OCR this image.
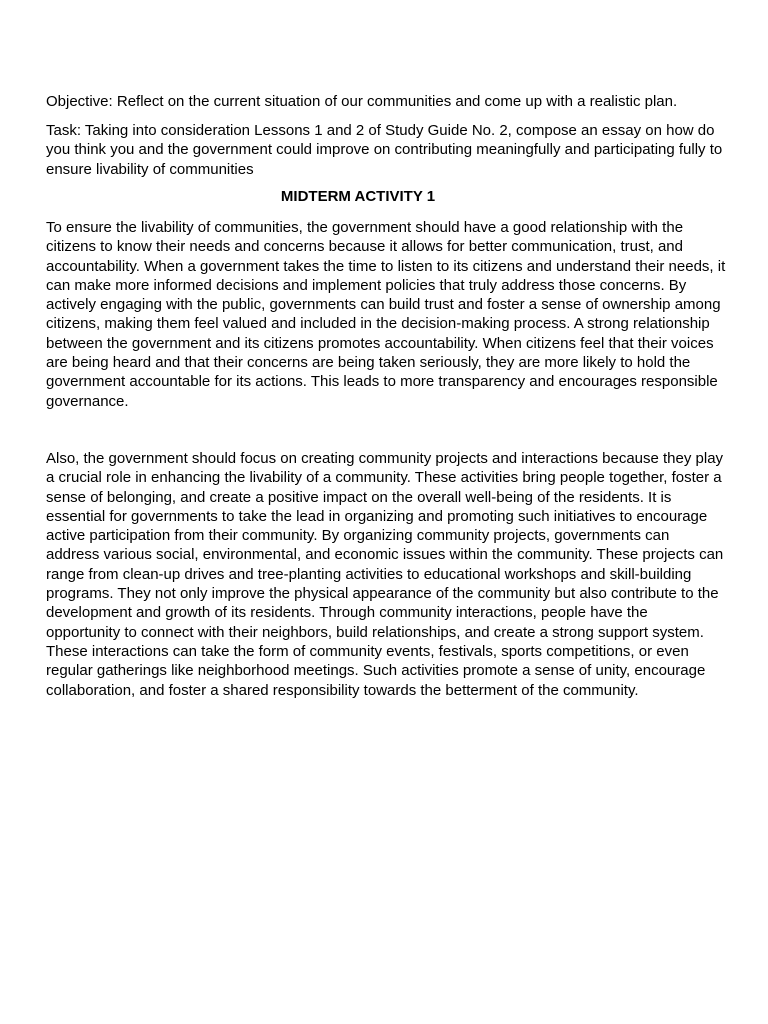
Objective: Reflect on the current situation of our communities and come up with a realistic plan.

Task: Taking into consideration Lessons 1 and 2 of Study Guide No. 2, compose an essay on how do you think you and the government could improve on contributing meaningfully and participating fully to ensure livability of communities

MIDTERM ACTIVITY 1

To ensure the livability of communities, the government should have a good relationship with the citizens to know their needs and concerns because it allows for better communication, trust, and accountability. When a government takes the time to listen to its citizens and understand their needs, it can make more informed decisions and implement policies that truly address those concerns. By actively engaging with the public, governments can build trust and foster a sense of ownership among citizens, making them feel valued and included in the decision-making process. A strong relationship between the government and its citizens promotes accountability. When citizens feel that their voices are being heard and that their concerns are being taken seriously, they are more likely to hold the government accountable for its actions. This leads to more transparency and encourages responsible governance.

Also, the government should focus on creating community projects and interactions because they play a crucial role in enhancing the livability of a community. These activities bring people together, foster a sense of belonging, and create a positive impact on the overall well-being of the residents. It is essential for governments to take the lead in organizing and promoting such initiatives to encourage active participation from their community. By organizing community projects, governments can address various social, environmental, and economic issues within the community. These projects can range from clean-up drives and tree-planting activities to educational workshops and skill-building programs. They not only improve the physical appearance of the community but also contribute to the development and growth of its residents. Through community interactions, people have the opportunity to connect with their neighbors, build relationships, and create a strong support system. These interactions can take the form of community events, festivals, sports competitions, or even regular gatherings like neighborhood meetings. Such activities promote a sense of unity, encourage collaboration, and foster a shared responsibility towards the betterment of the community.
